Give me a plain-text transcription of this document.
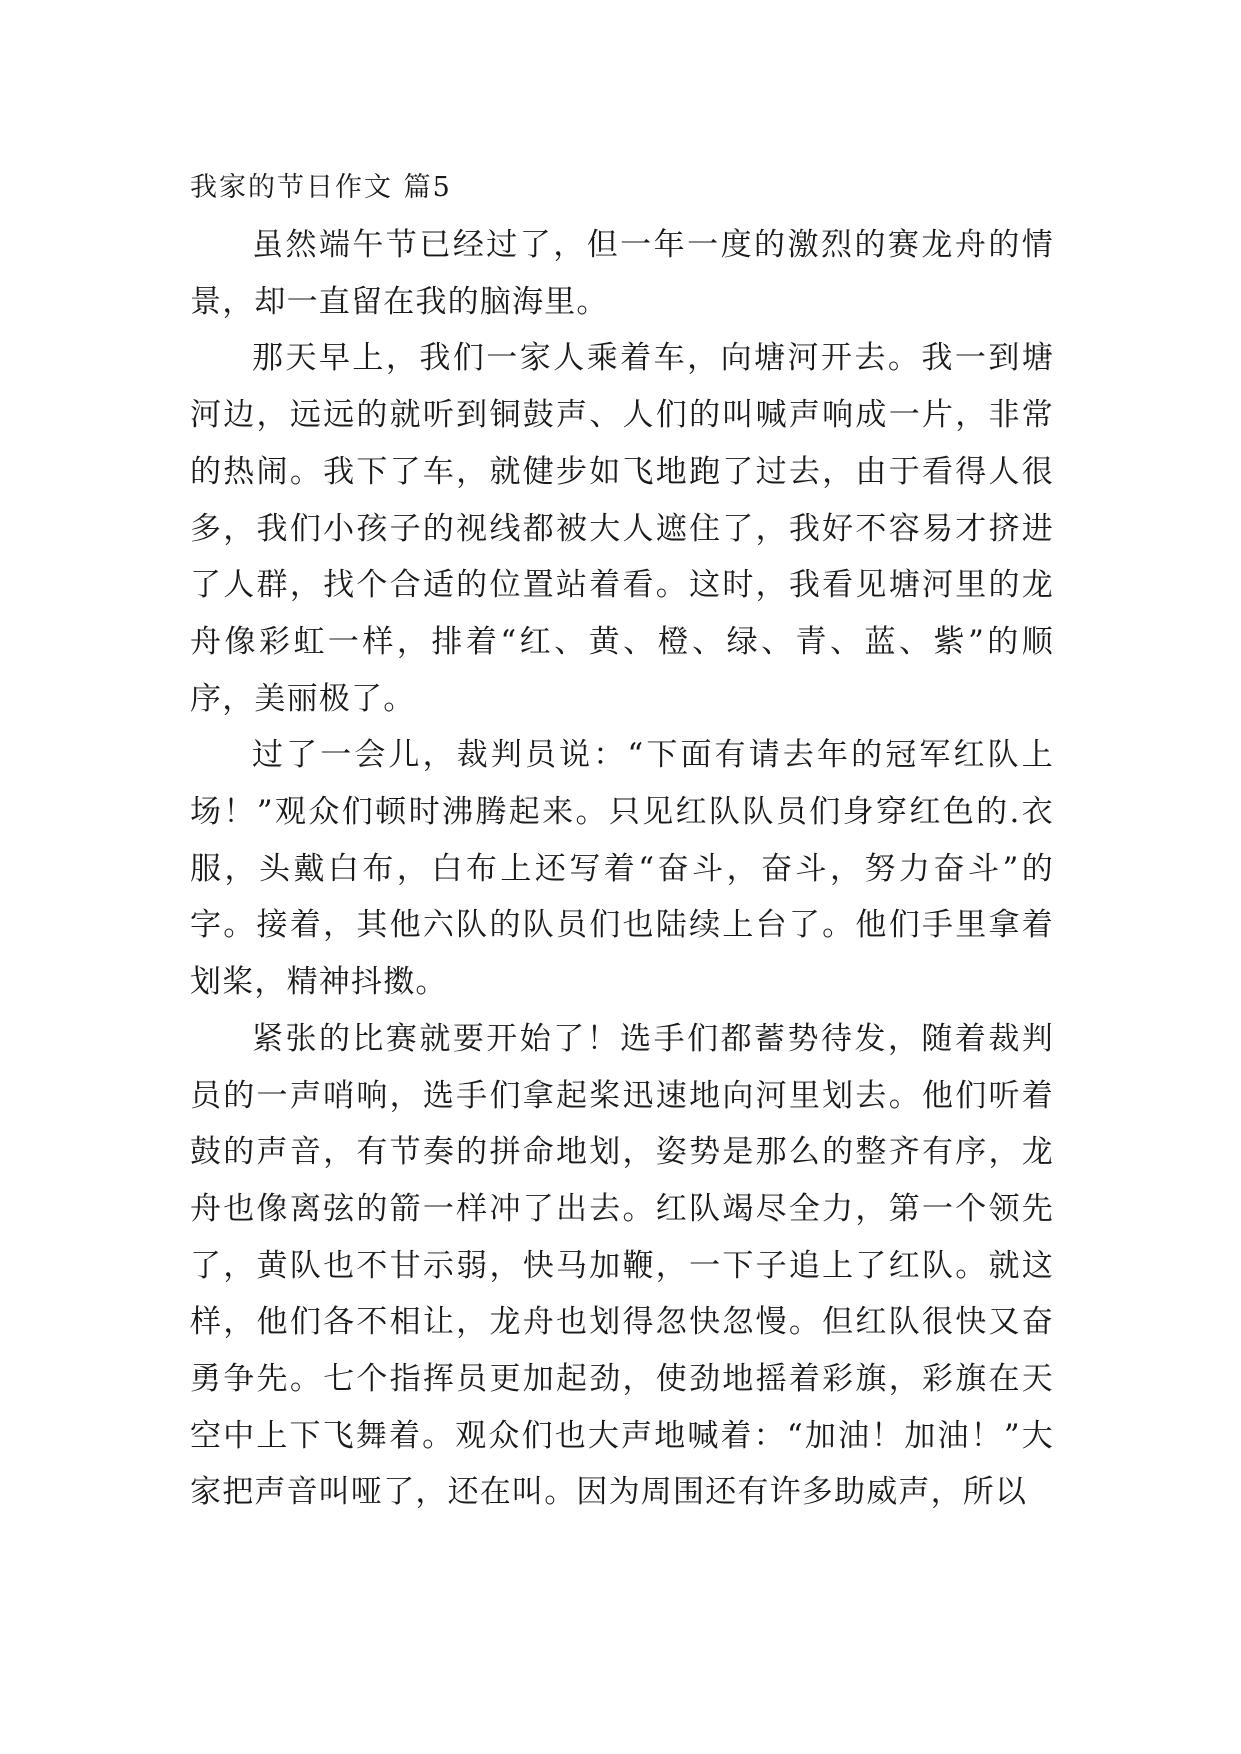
我家的节日作文 篇5

虽然端午节已经过了，但一年一度的激烈的赛龙舟的情景，却一直留在我的脑海里。

那天早上，我们一家人乘着车，向塘河开去。我一到塘河边，远远的就听到铜鼓声、人们的叫喊声响成一片，非常的热闹。我下了车，就健步如飞地跑了过去，由于看得人很多，我们小孩子的视线都被大人遮住了，我好不容易才挤进了人群，找个合适的位置站着看。这时，我看见塘河里的龙舟像彩虹一样，排着“红、黄、橙、绿、青、蓝、紫”的顺序，美丽极了。

过了一会儿，裁判员说：“下面有请去年的冠军红队上场！”观众们顿时沸腾起来。只见红队队员们身穿红色的.衣服，头戴白布，白布上还写着“奋斗，奋斗，努力奋斗”的字。接着，其他六队的队员们也陆续上台了。他们手里拿着划桨，精神抖擞。

紧张的比赛就要开始了！选手们都蓄势待发，随着裁判员的一声哨响，选手们拿起桨迅速地向河里划去。他们听着鼓的声音，有节奏的拼命地划，姿势是那么的整齐有序，龙舟也像离弦的箭一样冲了出去。红队竭尽全力，第一个领先了，黄队也不甘示弱，快马加鞭，一下子追上了红队。就这样，他们各不相让，龙舟也划得忽快忽慢。但红队很快又奋勇争先。七个指挥员更加起劲，使劲地摇着彩旗，彩旗在天空中上下飞舞着。观众们也大声地喊着：“加油！加油！”大家把声音叫哑了，还在叫。因为周围还有许多助威声，所以
